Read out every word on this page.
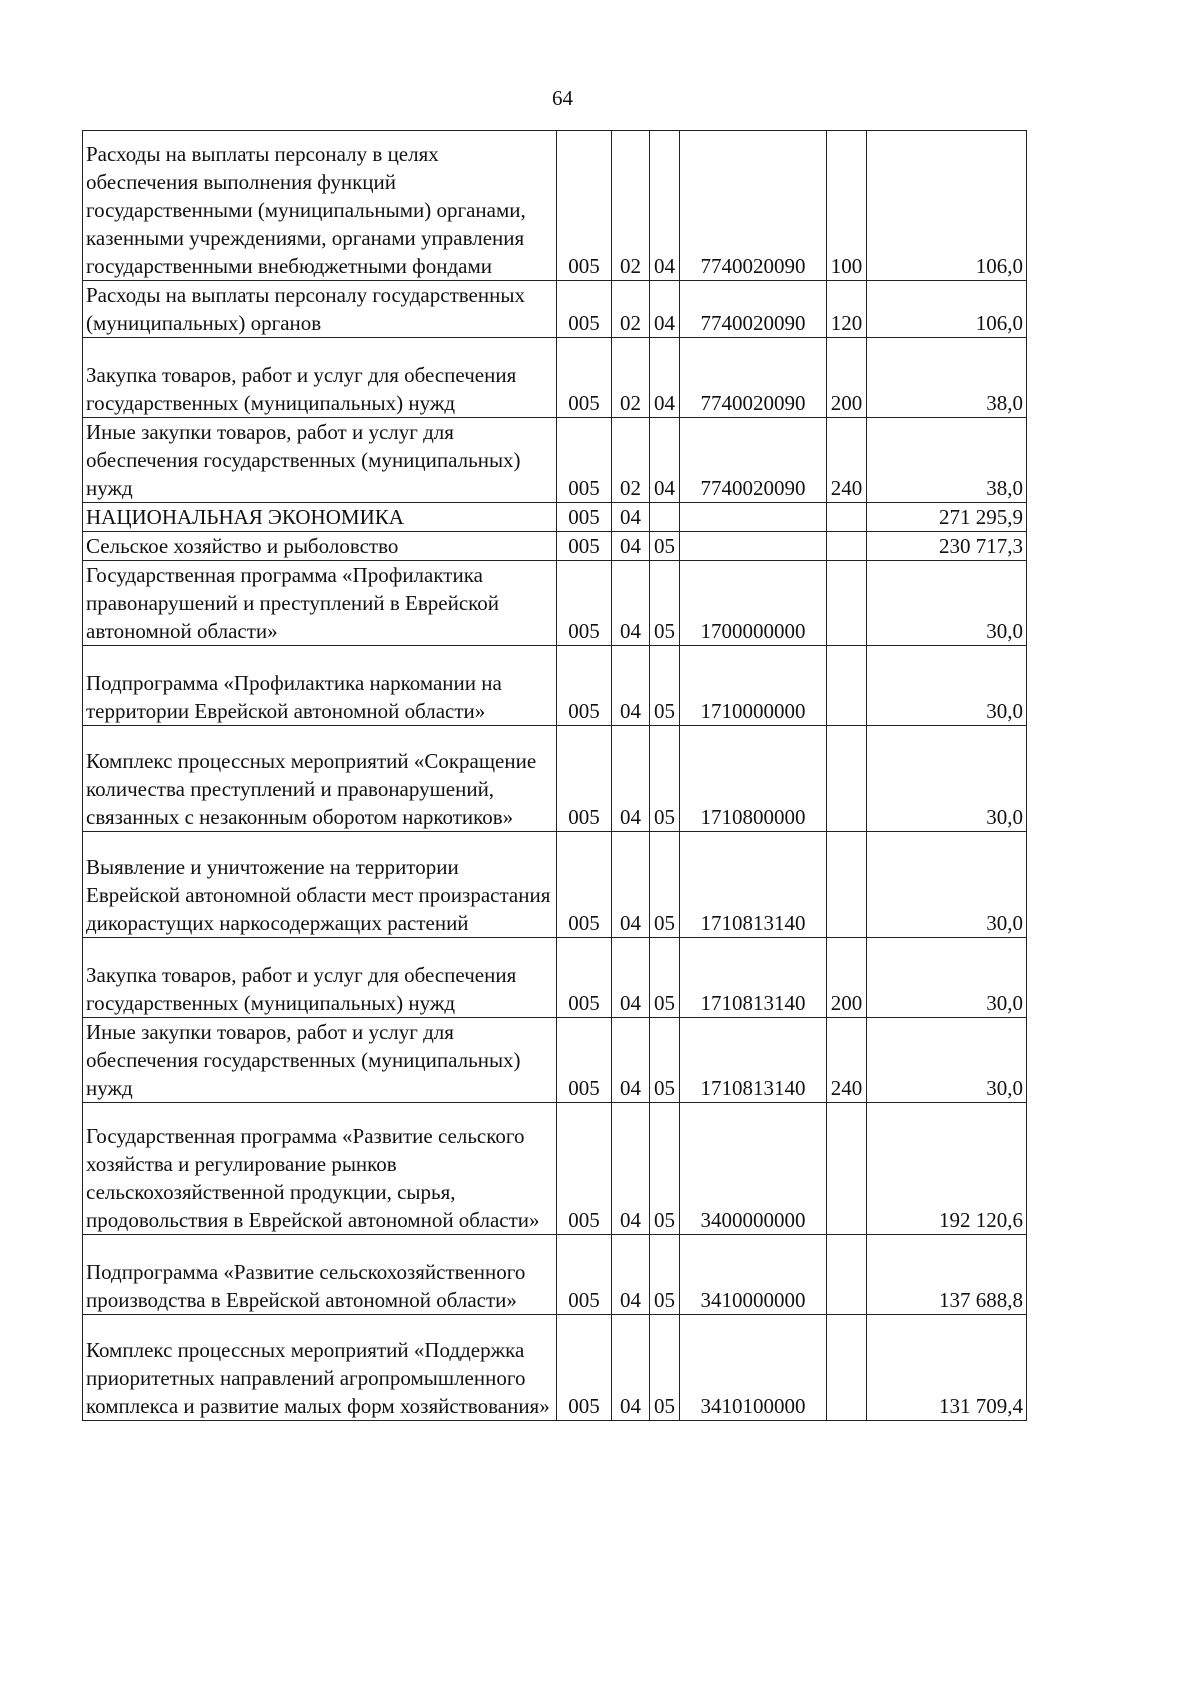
64
Расходы на выплаты персоналу в целях обеспечения выполнения функций государственными (муниципальными) органами, казенными учреждениями, органами управления государственными внебюджетными фондами	005	02	04	7740020090	100	106,0
Расходы на выплаты персоналу государственных (муниципальных) органов	005	02	04	7740020090	120	106,0
Закупка товаров, работ и услуг для обеспечения государственных (муниципальных) нужд	005	02	04	7740020090	200	38,0
Иные закупки товаров, работ и услуг для обеспечения государственных (муниципальных) нужд	005	02	04	7740020090	240	38,0
НАЦИОНАЛЬНАЯ ЭКОНОМИКА	005	04				271 295,9
Сельское хозяйство и рыболовство	005	04	05			230 717,3
Государственная программа «Профилактика правонарушений и преступлений в Еврейской автономной области»	005	04	05	1700000000		30,0
Подпрограмма «Профилактика наркомании на территории Еврейской автономной области»	005	04	05	1710000000		30,0
Комплекс процессных мероприятий «Сокращение количества преступлений и правонарушений, связанных с незаконным оборотом наркотиков»	005	04	05	1710800000		30,0
Выявление и уничтожение на территории Еврейской автономной области мест произрастания дикорастущих наркосодержащих растений	005	04	05	1710813140		30,0
Закупка товаров, работ и услуг для обеспечения государственных (муниципальных) нужд	005	04	05	1710813140	200	30,0
Иные закупки товаров, работ и услуг для обеспечения государственных (муниципальных) нужд	005	04	05	1710813140	240	30,0
Государственная программа «Развитие сельского хозяйства и регулирование рынков сельскохозяйственной продукции, сырья, продовольствия в Еврейской автономной области»	005	04	05	3400000000		192 120,6
Подпрограмма «Развитие сельскохозяйственного производства в Еврейской автономной области»	005	04	05	3410000000		137 688,8
Комплекс процессных мероприятий «Поддержка приоритетных направлений агропромышленного комплекса и развитие малых форм хозяйствования»	005	04	05	3410100000		131 709,4
